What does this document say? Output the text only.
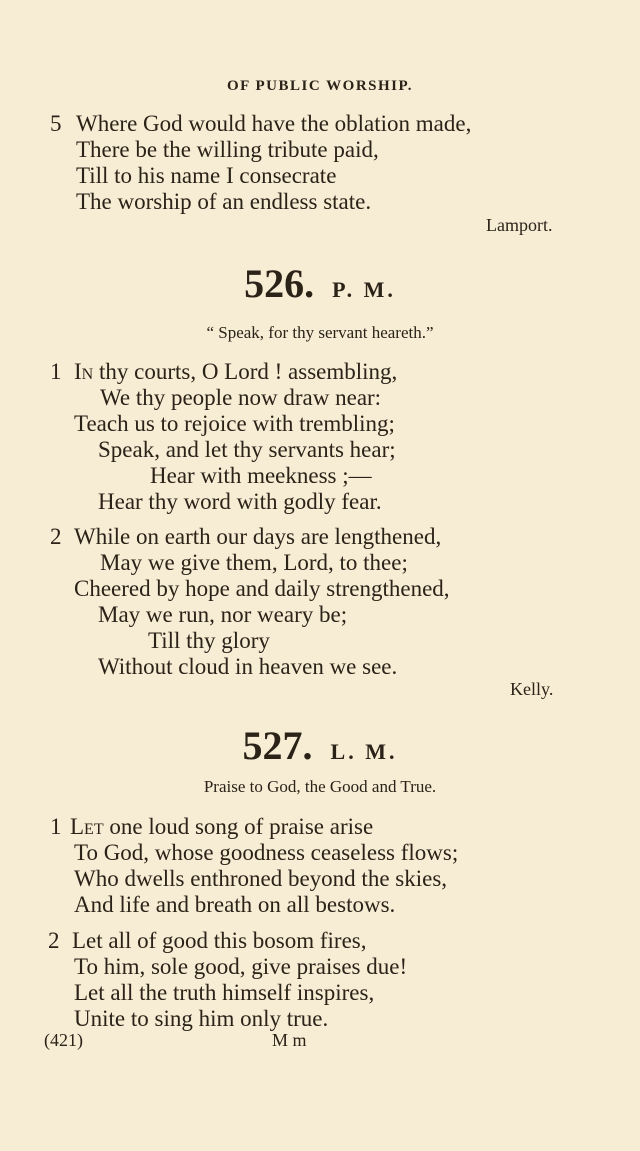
OF PUBLIC WORSHIP.
5 Where God would have the oblation made,
There be the willing tribute paid,
Till to his name I consecrate
The worship of an endless state.
Lamport.
526. P. M.
“ Speak, for thy servant heareth.”
1 In thy courts, O Lord ! assembling,
We thy people now draw near:
Teach us to rejoice with trembling;
Speak, and let thy servants hear;
Hear with meekness ;—
Hear thy word with godly fear.
2 While on earth our days are lengthened,
May we give them, Lord, to thee;
Cheered by hope and daily strengthened,
May we run, nor weary be;
Till thy glory
Without cloud in heaven we see.
Kelly.
527. L. M.
Praise to God, the Good and True.
1 Let one loud song of praise arise
To God, whose goodness ceaseless flows;
Who dwells enthroned beyond the skies,
And life and breath on all bestows.
2 Let all of good this bosom fires,
To him, sole good, give praises due!
Let all the truth himself inspires,
Unite to sing him only true.
(421)	M m
